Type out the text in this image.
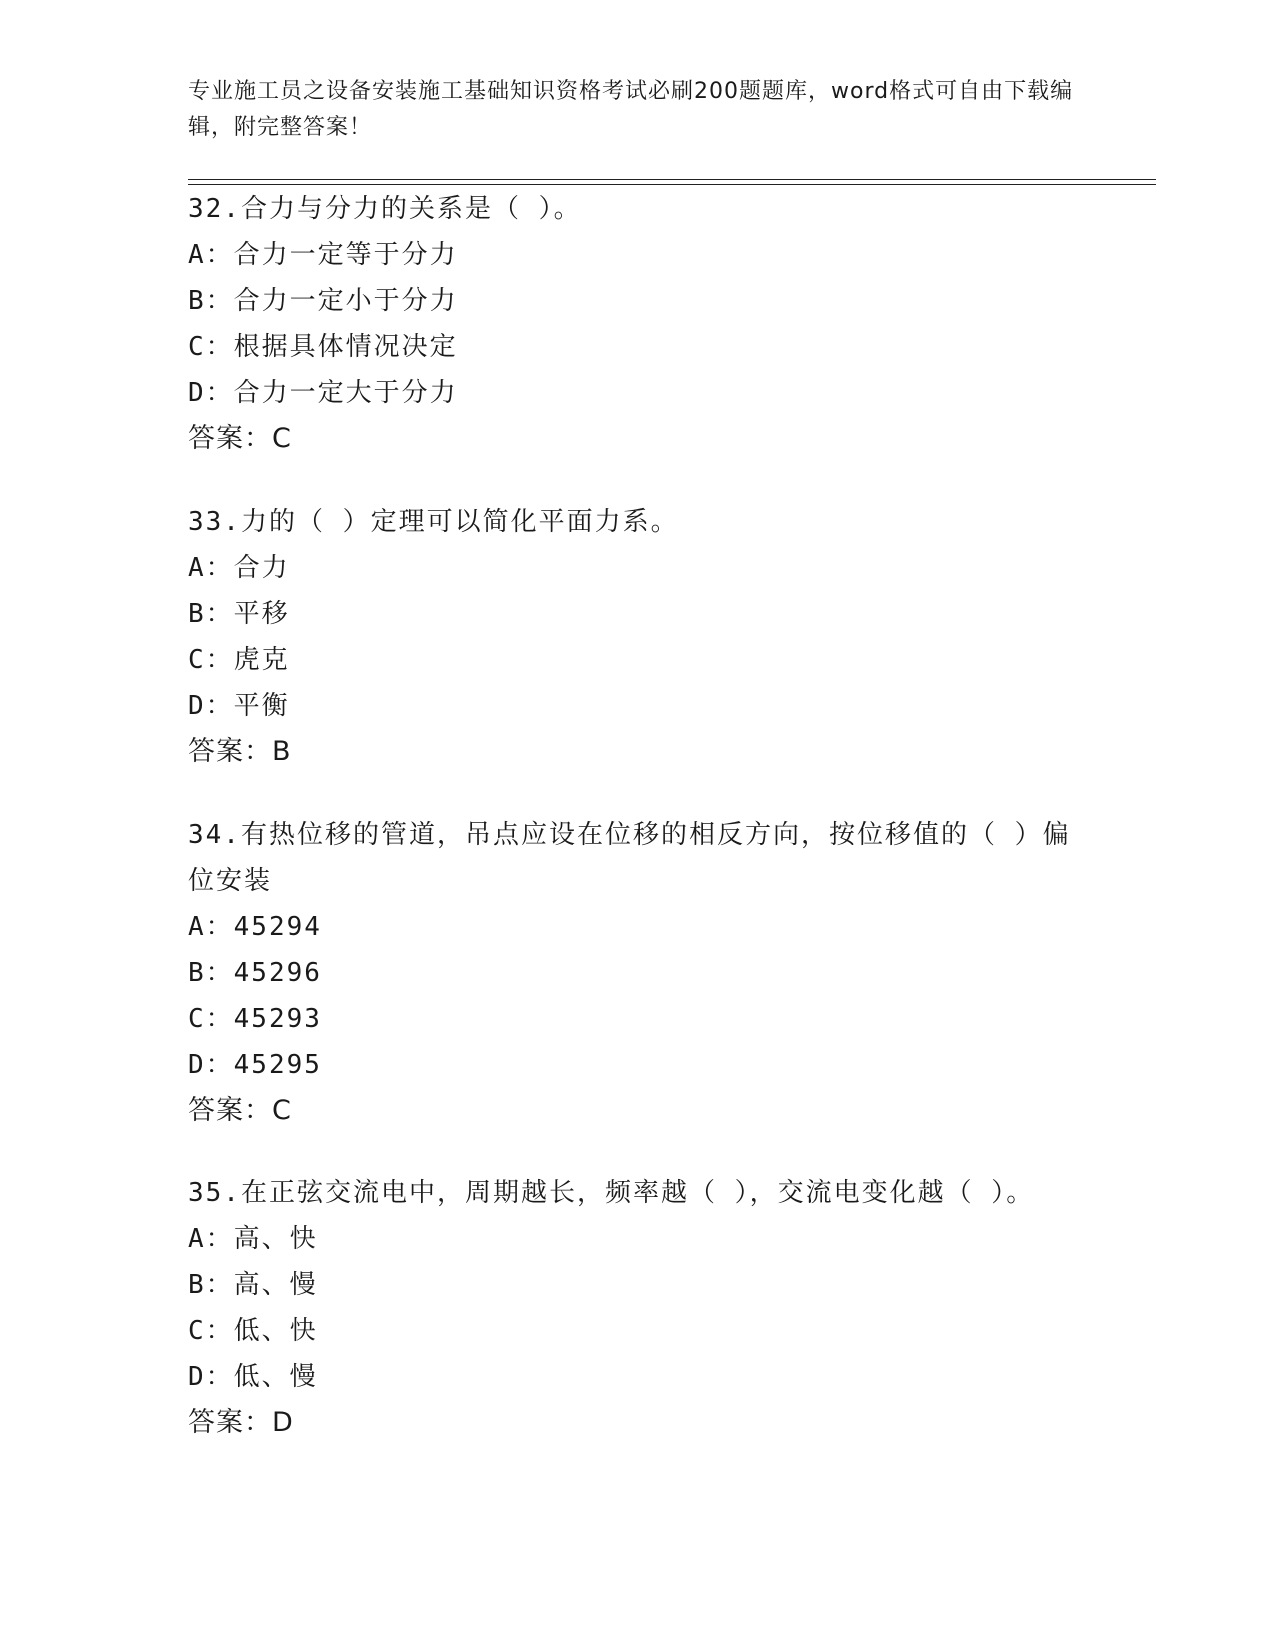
专业施工员之设备安装施工基础知识资格考试必刷200题题库，word格式可自由下载编辑，附完整答案！

32.合力与分力的关系是（ ）。

A：合力一定等于分力

B：合力一定小于分力

C：根据具体情况决定

D：合力一定大于分力

答案：C

33.力的（ ）定理可以简化平面力系。

A：合力

B：平移

C：虎克

D：平衡

答案：B

34.有热位移的管道，吊点应设在位移的相反方向，按位移值的（ ）偏位安装

A：45294

B：45296

C：45293

D：45295

答案：C

35.在正弦交流电中，周期越长，频率越（ ），交流电变化越（ ）。

A：高、快

B：高、慢

C：低、快

D：低、慢

答案：D
